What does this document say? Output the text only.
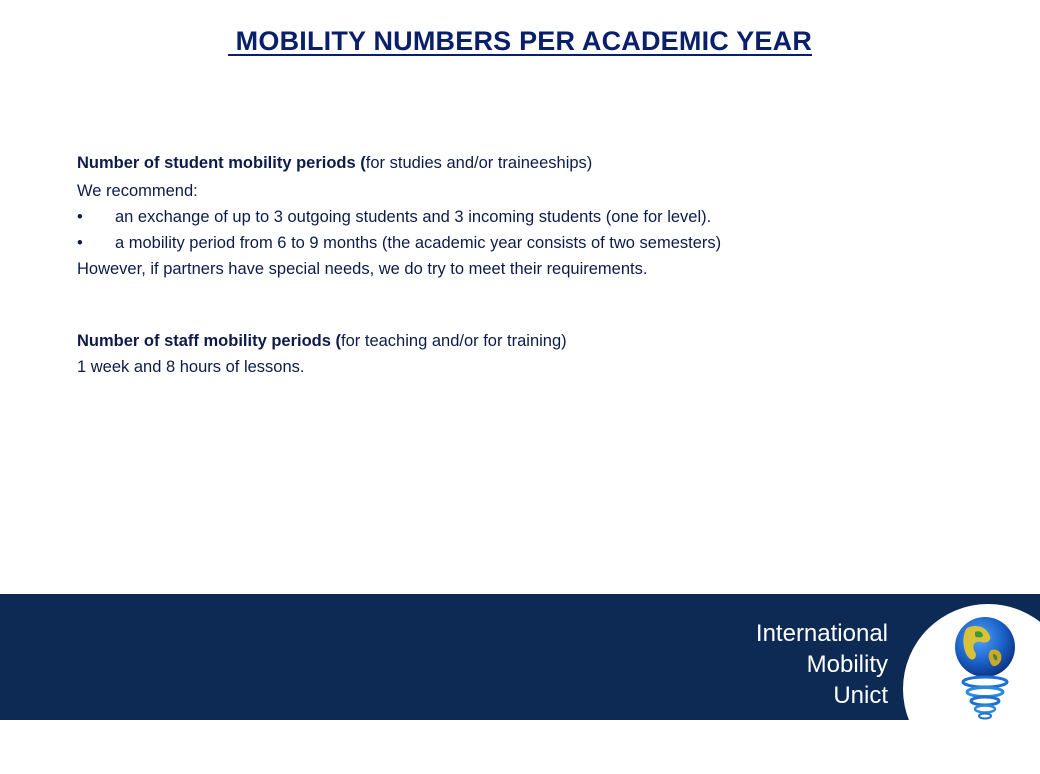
MOBILITY NUMBERS PER ACADEMIC YEAR
Number of student mobility periods (for studies and/or traineeships)
We recommend:
•	an exchange of up to 3 outgoing students and 3 incoming students (one for level).
•	a mobility period from 6 to 9 months (the academic year consists of two semesters)
However, if partners have special needs, we do try to meet their requirements.
Number of staff mobility periods (for teaching and/or for training)
1 week and 8 hours of lessons.
International
Mobility
Unict
